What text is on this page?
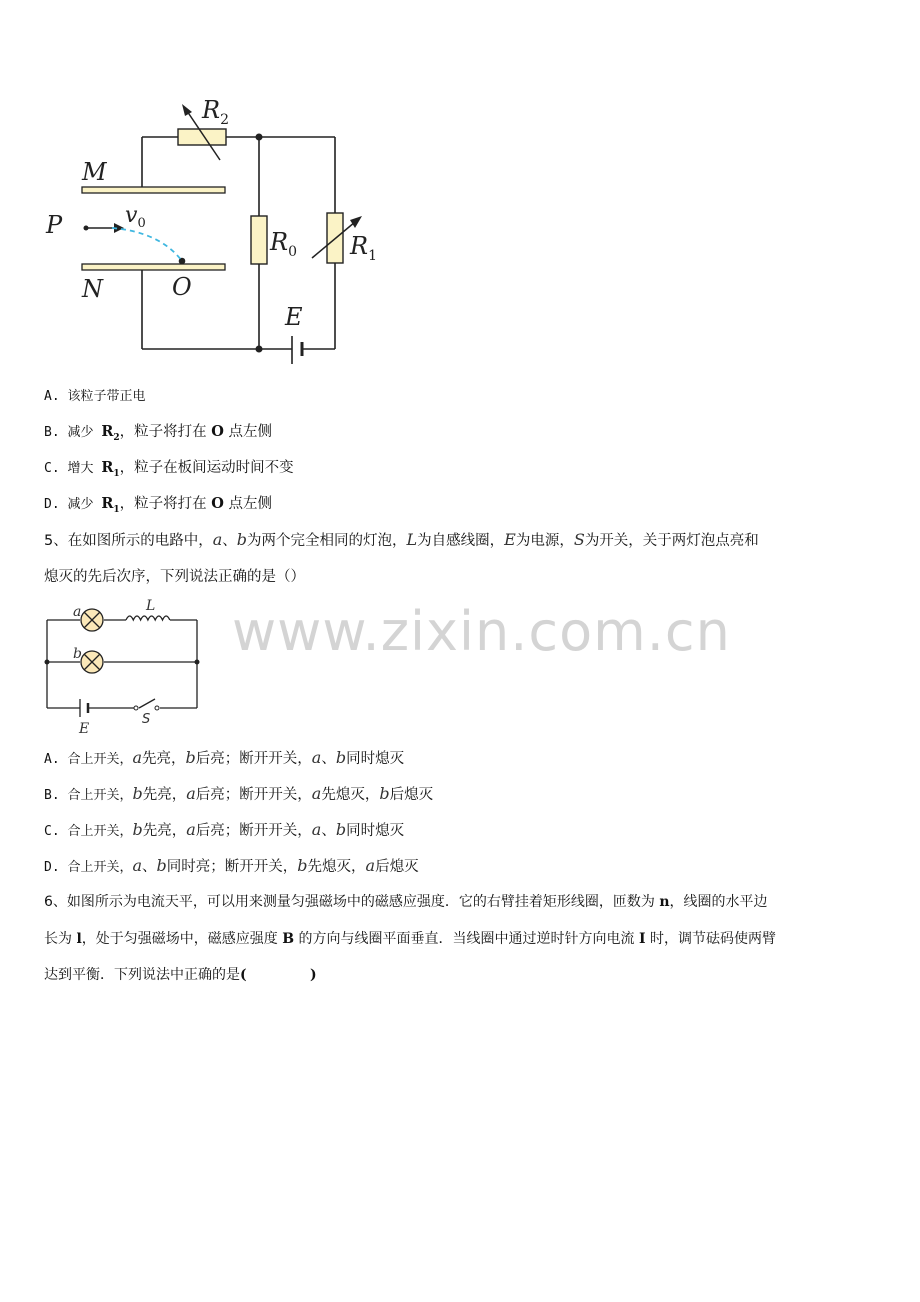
$R_2$
M
P	$v_0$
N	O
$R_0$ $R_1$
E
A. 该粒子带正电
B. 减少 $R_2$，粒子将打在 O 点左侧
C. 增大 $R_1$，粒子在板间运动时间不变
D. 减少 $R_1$，粒子将打在 O 点左侧
5、在如图所示的电路中，a、b为两个完全相同的灯泡，L为自感线圈，E为电源，S为开关，关于两灯泡点亮和
熄灭的先后次序，下列说法正确的是（）
a	L
b
E
S
www.zixin.com.cn
A. 合上开关，a先亮，b后亮；断开开关，a、b同时熄灭
B. 合上开关，b先亮，a后亮；断开开关，a先熄灭，b后熄灭
C. 合上开关，b先亮，a后亮；断开开关，a、b同时熄灭
D. 合上开关，a、b同时亮；断开开关，b先熄灭，a后熄灭
6、如图所示为电流天平，可以用来测量匀强磁场中的磁感应强度．它的右臂挂着矩形线圈，匝数为 n，线圈的水平边
长为 l，处于匀强磁场中，磁感应强度 B 的方向与线圈平面垂直．当线圈中通过逆时针方向电流 I 时，调节砝码使两臂
达到平衡．下列说法中正确的是(             )
